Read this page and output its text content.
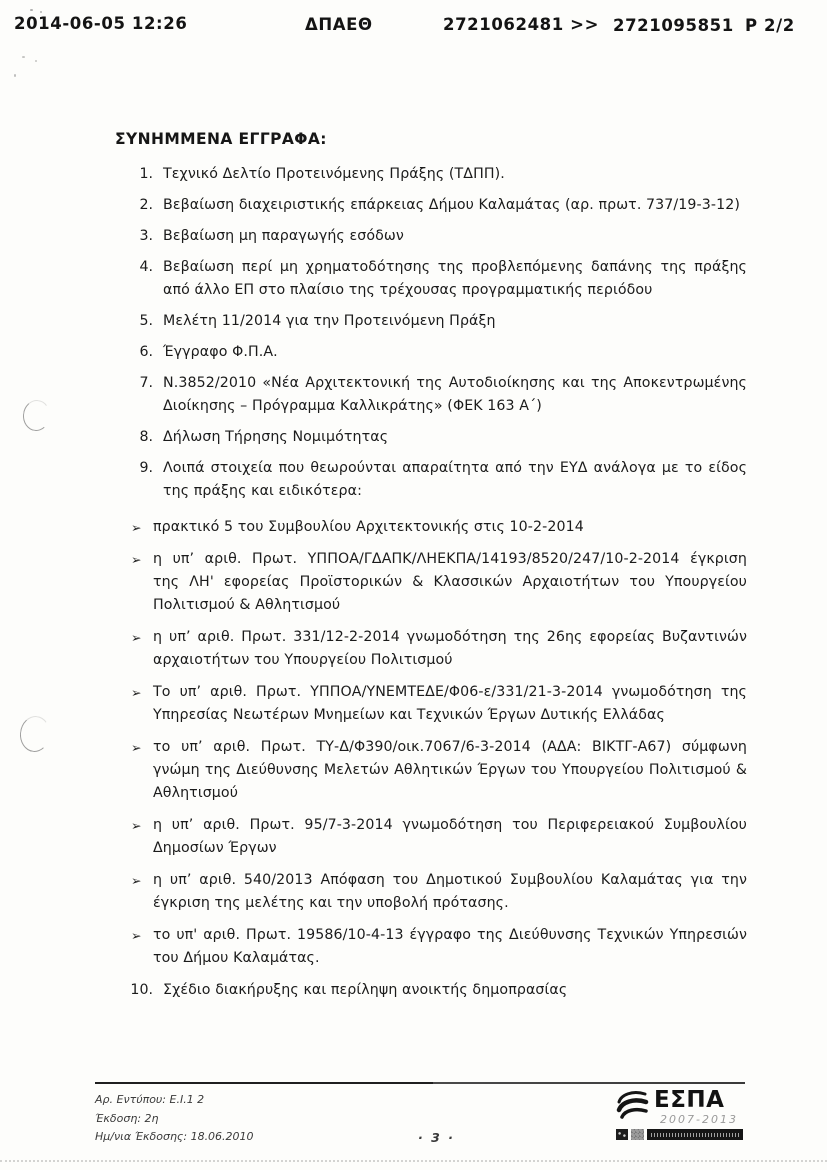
2014-06-05 12:26	ΔΠΑΕΘ	2721062481 >> 2721095851 P 2/2
ΣΥΝΗΜΜΕΝΑ ΕΓΓΡΑΦΑ:
1. Τεχνικό Δελτίο Προτεινόμενης Πράξης (ΤΔΠΠ).

2. Βεβαίωση διαχειριστικής επάρκειας Δήμου Καλαμάτας (αρ. πρωτ. 737/19-3-12)

3. Βεβαίωση μη παραγωγής εσόδων

4. Βεβαίωση περί μη χρηματοδότησης της προβλεπόμενης δαπάνης της πράξης από άλλο ΕΠ στο πλαίσιο της τρέχουσας προγραμματικής περιόδου

5. Μελέτη 11/2014 για την Προτεινόμενη Πράξη

6. Έγγραφο Φ.Π.Α.

7. Ν.3852/2010 «Νέα Αρχιτεκτονική της Αυτοδιοίκησης και της Αποκεντρωμένης Διοίκησης – Πρόγραμμα Καλλικράτης» (ΦΕΚ 163 Α΄)

8. Δήλωση Τήρησης Νομιμότητας

9. Λοιπά στοιχεία που θεωρούνται απαραίτητα από την ΕΥΔ ανάλογα με το είδος της πράξης και ειδικότερα:

➢ πρακτικό 5 του Συμβουλίου Αρχιτεκτονικής στις 10-2-2014

➢ η υπ’ αριθ. Πρωτ. ΥΠΠΟΑ/ΓΔΑΠΚ/ΛΗΕΚΠΑ/14193/8520/247/10-2-2014 έγκριση της ΛΗ' εφορείας Προϊστορικών & Κλασσικών Αρχαιοτήτων του Υπουργείου Πολιτισμού & Αθλητισμού

➢ η υπ’ αριθ. Πρωτ. 331/12-2-2014 γνωμοδότηση της 26ης εφορείας Βυζαντινών αρχαιοτήτων του Υπουργείου Πολιτισμού

➢ Το υπ’ αριθ. Πρωτ. ΥΠΠΟΑ/ΥΝΕΜΤΕΔΕ/Φ06-ε/331/21-3-2014 γνωμοδότηση της Υπηρεσίας Νεωτέρων Μνημείων και Τεχνικών Έργων Δυτικής Ελλάδας

➢ το υπ’ αριθ. Πρωτ. ΤΥ-Δ/Φ390/οικ.7067/6-3-2014 (ΑΔΑ: ΒΙΚΤΓ-Α67) σύμφωνη γνώμη της Διεύθυνσης Μελετών Αθλητικών Έργων του Υπουργείου Πολιτισμού & Αθλητισμού

➢ η υπ’ αριθ. Πρωτ. 95/7-3-2014 γνωμοδότηση του Περιφερειακού Συμβουλίου Δημοσίων Έργων

➢ η υπ’ αριθ. 540/2013 Απόφαση του Δημοτικού Συμβουλίου Καλαμάτας για την έγκριση της μελέτης και την υποβολή πρότασης.

➢ το υπ' αριθ. Πρωτ. 19586/10-4-13 έγγραφο της Διεύθυνσης Τεχνικών Υπηρεσιών του Δήμου Καλαμάτας.

10. Σχέδιο διακήρυξης και περίληψη ανοικτής δημοπρασίας

Αρ. Εντύπου: Ε.Ι.1 2
Έκδοση: 2η
Ημ/νια Έκδοσης: 18.06.2010	· 3 ·
ΕΣΠΑ
2007-2013
